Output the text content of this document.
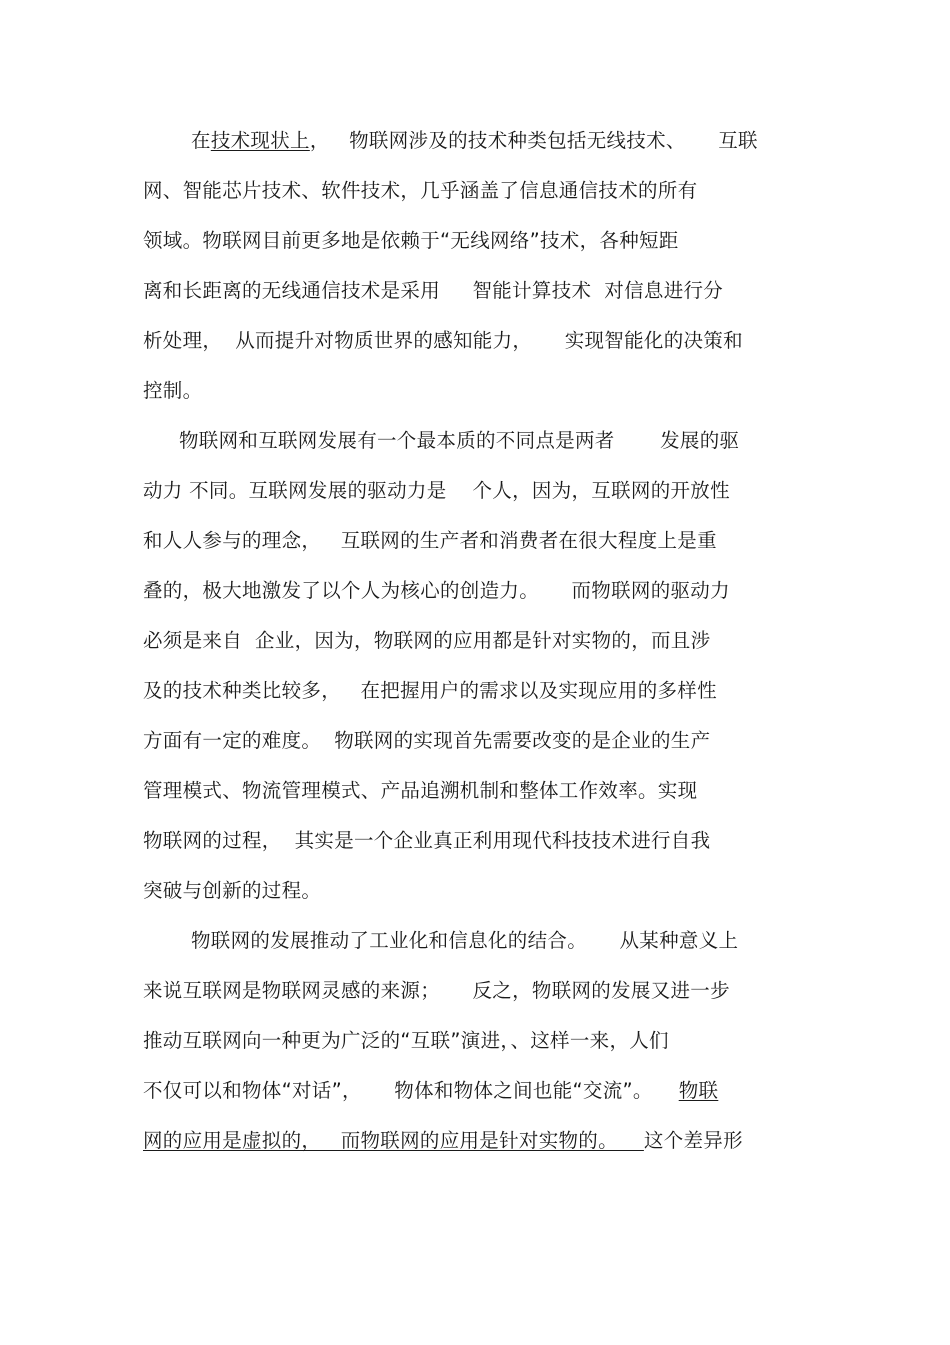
在技术现状上，   物联网涉及的技术种类包括无线技术、     互联
网、智能芯片技术、软件技术，几乎涵盖了信息通信技术的所有
领域。物联网目前更多地是依赖于“无线网络”技术，各种短距
离和长距离的无线通信技术是采用     智能计算技术  对信息进行分
析处理，  从而提升对物质世界的感知能力，     实现智能化的决策和
控制。
物联网和互联网发展有一个最本质的不同点是两者       发展的驱
动力 不同。互联网发展的驱动力是    个人，因为，互联网的开放性
和人人参与的理念，   互联网的生产者和消费者在很大程度上是重
叠的，极大地激发了以个人为核心的创造力。     而物联网的驱动力
必须是来自  企业，因为，物联网的应用都是针对实物的，而且涉
及的技术种类比较多，   在把握用户的需求以及实现应用的多样性
方面有一定的难度。  物联网的实现首先需要改变的是企业的生产
管理模式、物流管理模式、产品追溯机制和整体工作效率。实现
物联网的过程，  其实是一个企业真正利用现代科技技术进行自我
突破与创新的过程。
物联网的发展推动了工业化和信息化的结合。     从某种意义上
来说互联网是物联网灵感的来源；     反之，物联网的发展又进一步
推动互联网向一种更为广泛的“互联”演进，、这样一来，人们
不仅可以和物体“对话”，     物体和物体之间也能“交流”。    物联
网的应用是虚拟的，   而物联网的应用是针对实物的。    这个差异形
